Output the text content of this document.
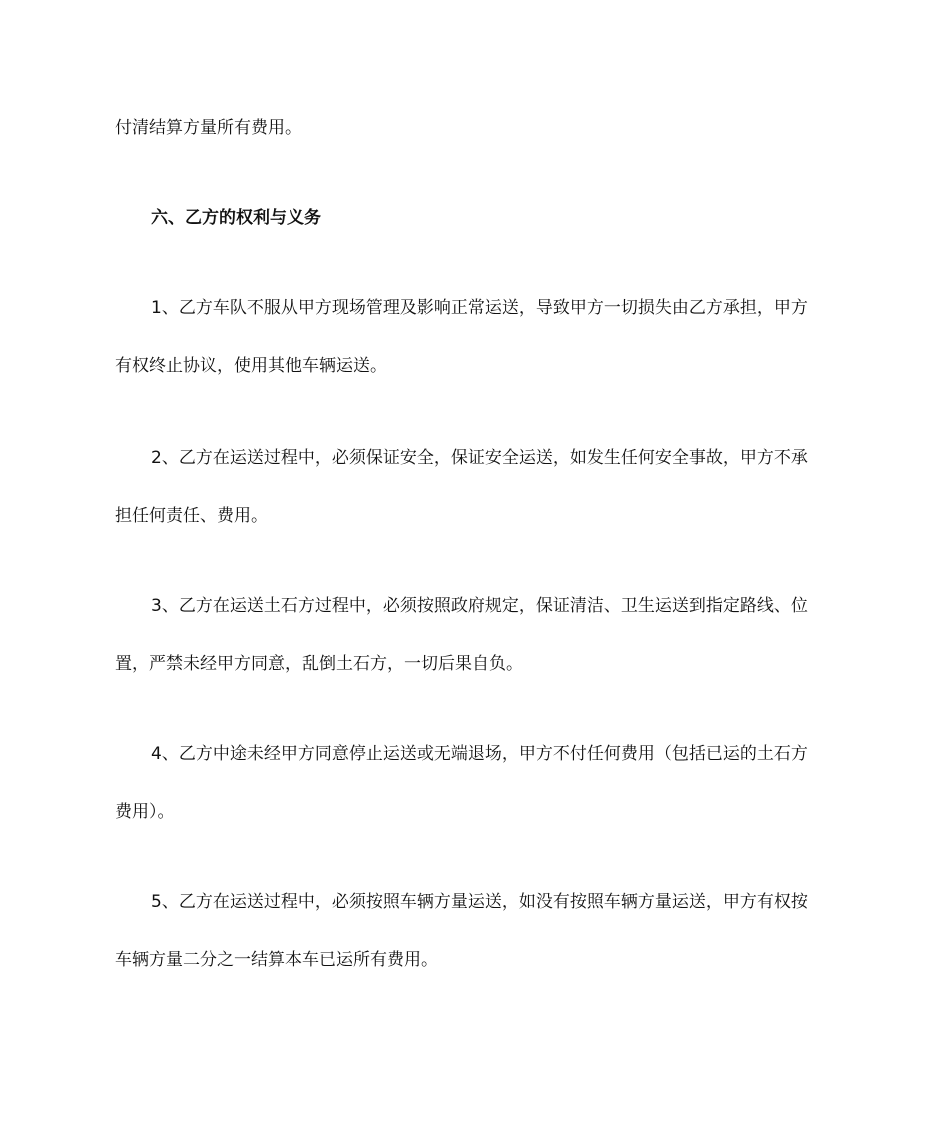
付清结算方量所有费用。
六、乙方的权利与义务
1、乙方车队不服从甲方现场管理及影响正常运送，导致甲方一切损失由乙方承担，甲方
有权终止协议，使用其他车辆运送。
2、乙方在运送过程中，必须保证安全，保证安全运送，如发生任何安全事故，甲方不承
担任何责任、费用。
3、乙方在运送土石方过程中，必须按照政府规定，保证清洁、卫生运送到指定路线、位
置，严禁未经甲方同意，乱倒土石方，一切后果自负。
4、乙方中途未经甲方同意停止运送或无端退场，甲方不付任何费用（包括已运的土石方
费用）。
5、乙方在运送过程中，必须按照车辆方量运送，如没有按照车辆方量运送，甲方有权按
车辆方量二分之一结算本车已运所有费用。
